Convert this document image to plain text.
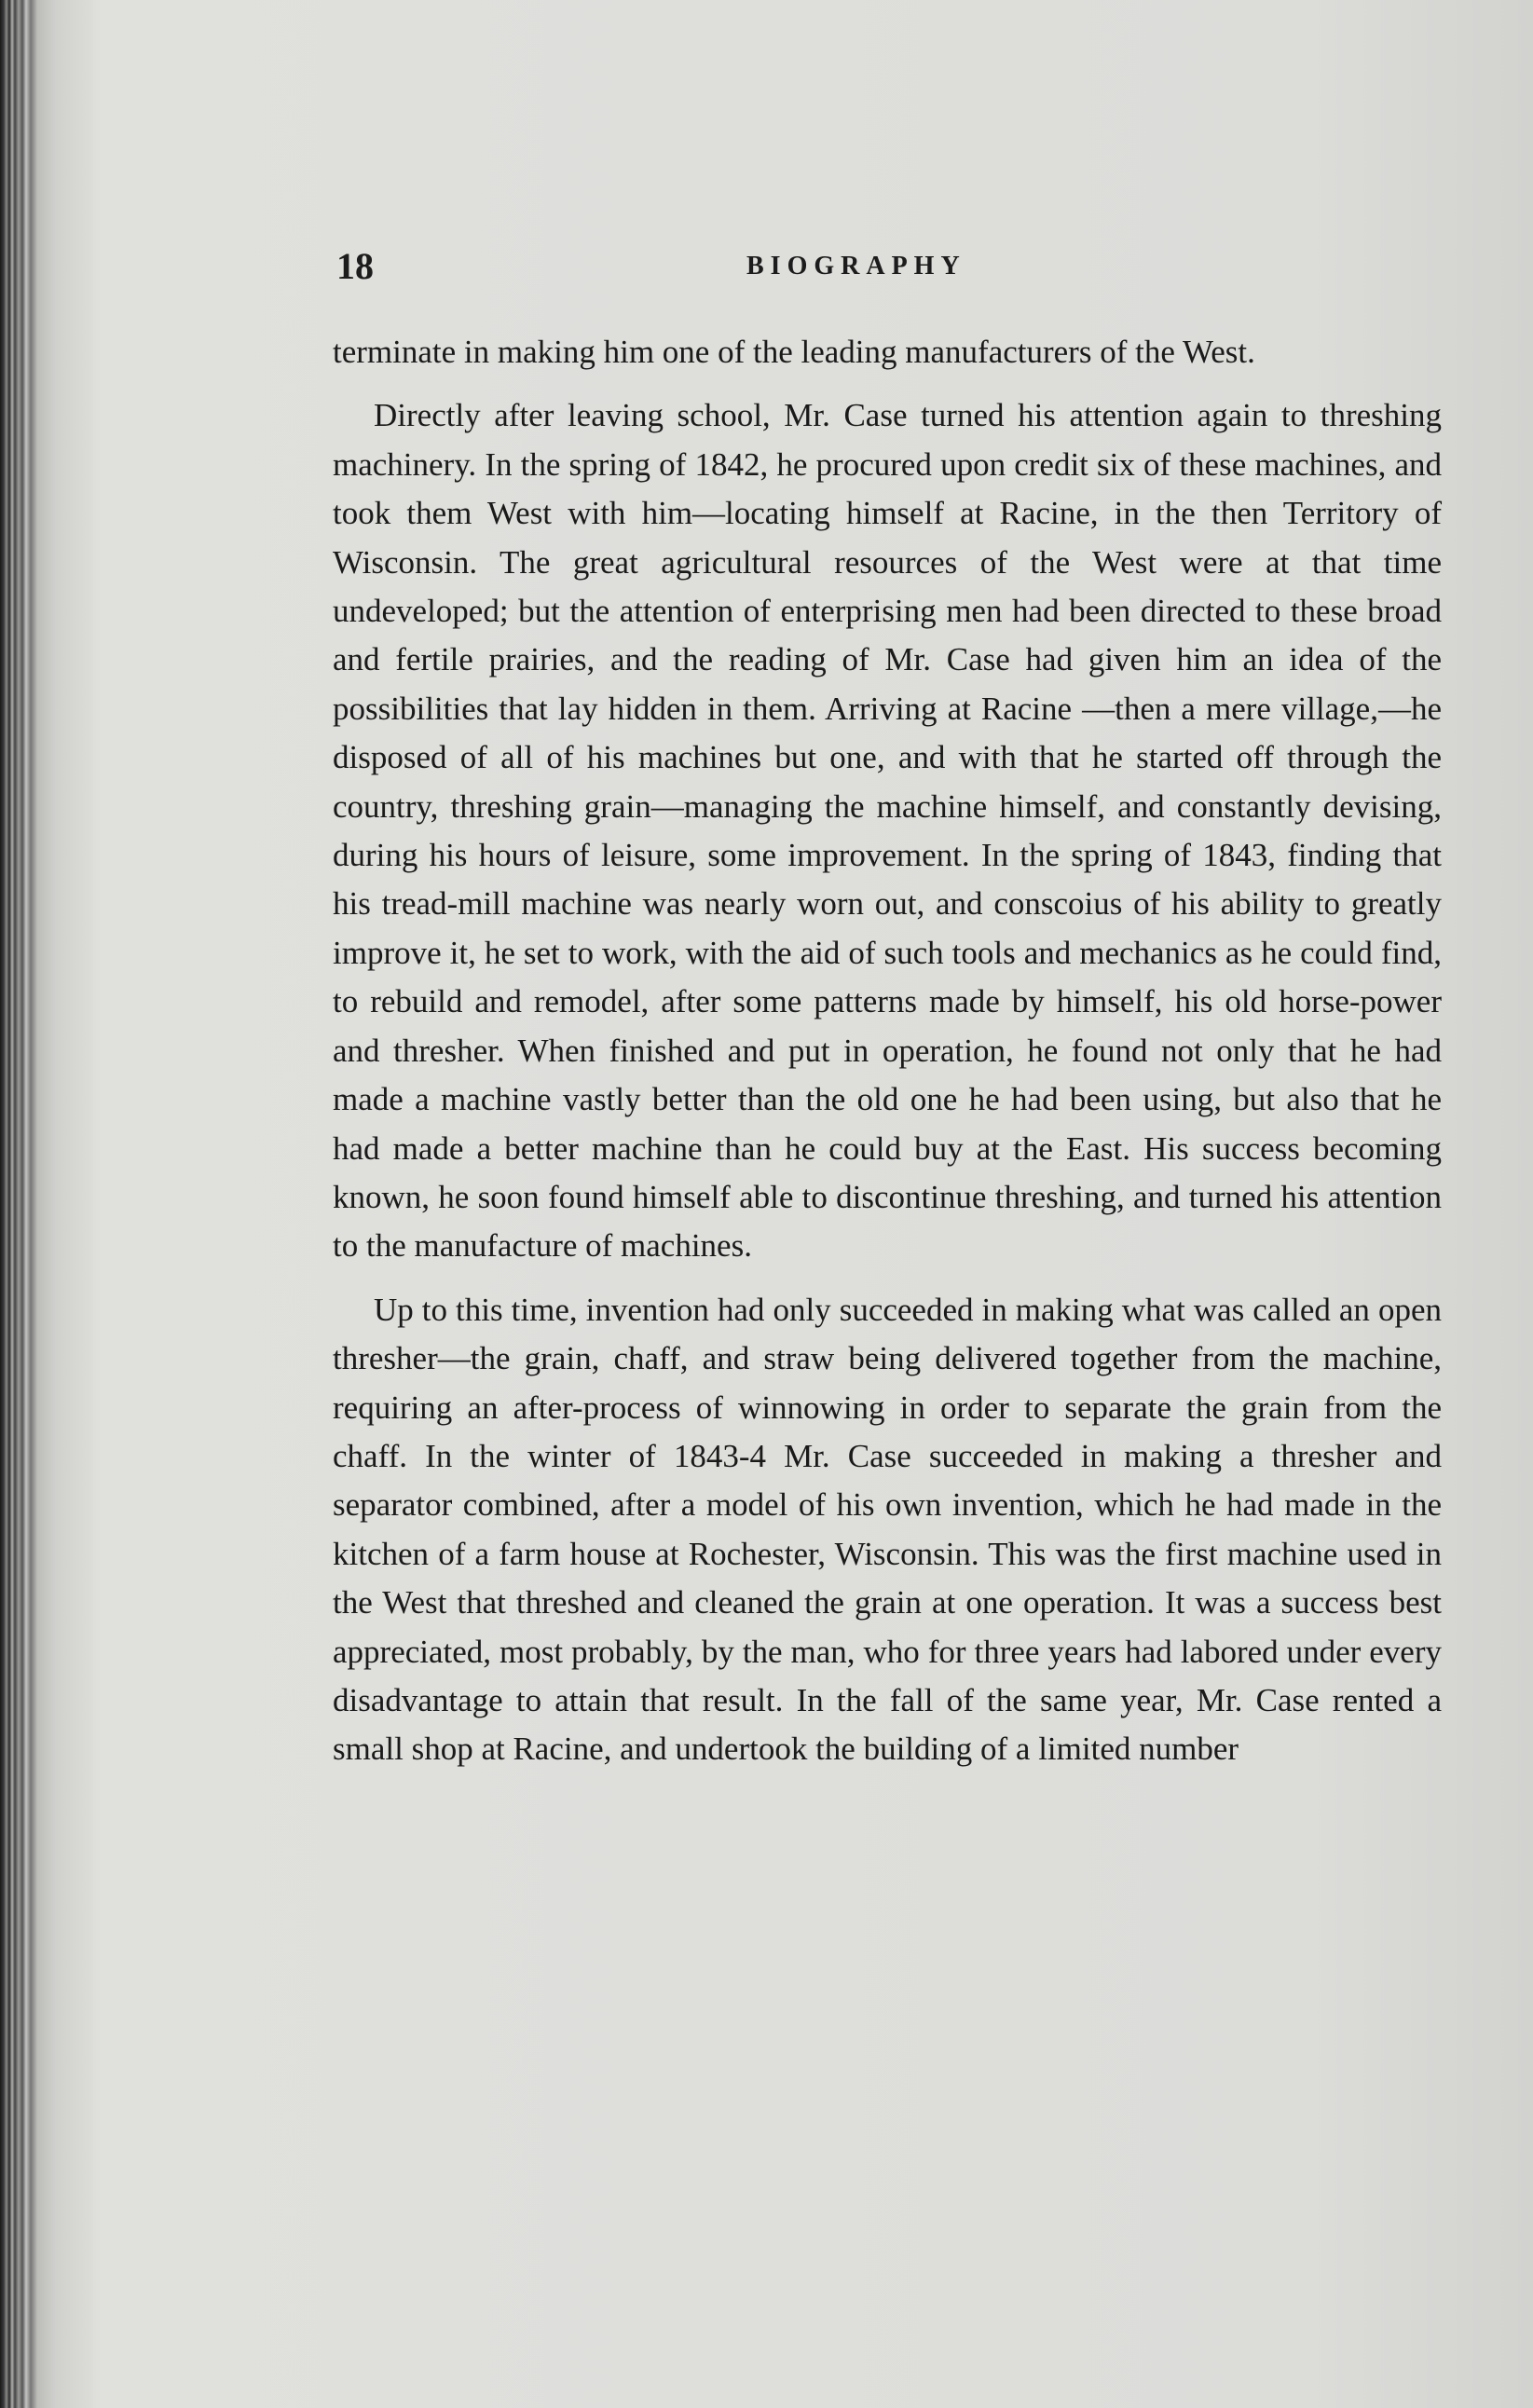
18	BIOGRAPHY

terminate in making him one of the leading manufacturers of the West.

Directly after leaving school, Mr. Case turned his attention again to threshing machinery. In the spring of 1842, he procured upon credit six of these machines, and took them West with him—locating himself at Racine, in the then Territory of Wisconsin. The great agricultural resources of the West were at that time undeveloped; but the attention of enterprising men had been directed to these broad and fertile prairies, and the reading of Mr. Case had given him an idea of the possibilities that lay hidden in them. Arriving at Racine —then a mere village,—he disposed of all of his machines but one, and with that he started off through the country, threshing grain—managing the machine himself, and constantly devising, during his hours of leisure, some improvement. In the spring of 1843, finding that his tread-mill machine was nearly worn out, and conscoius of his ability to greatly improve it, he set to work, with the aid of such tools and mechanics as he could find, to rebuild and remodel, after some patterns made by himself, his old horse-power and thresher. When finished and put in operation, he found not only that he had made a machine vastly better than the old one he had been using, but also that he had made a better machine than he could buy at the East. His success becoming known, he soon found himself able to discontinue threshing, and turned his attention to the manufacture of machines.

Up to this time, invention had only succeeded in making what was called an open thresher—the grain, chaff, and straw being delivered together from the machine, requiring an after-process of winnowing in order to separate the grain from the chaff. In the winter of 1843-4 Mr. Case succeeded in making a thresher and separator combined, after a model of his own invention, which he had made in the kitchen of a farm house at Rochester, Wisconsin. This was the first machine used in the West that threshed and cleaned the grain at one operation. It was a success best appreciated, most probably, by the man, who for three years had labored under every disadvantage to attain that result. In the fall of the same year, Mr. Case rented a small shop at Racine, and undertook the building of a limited number
